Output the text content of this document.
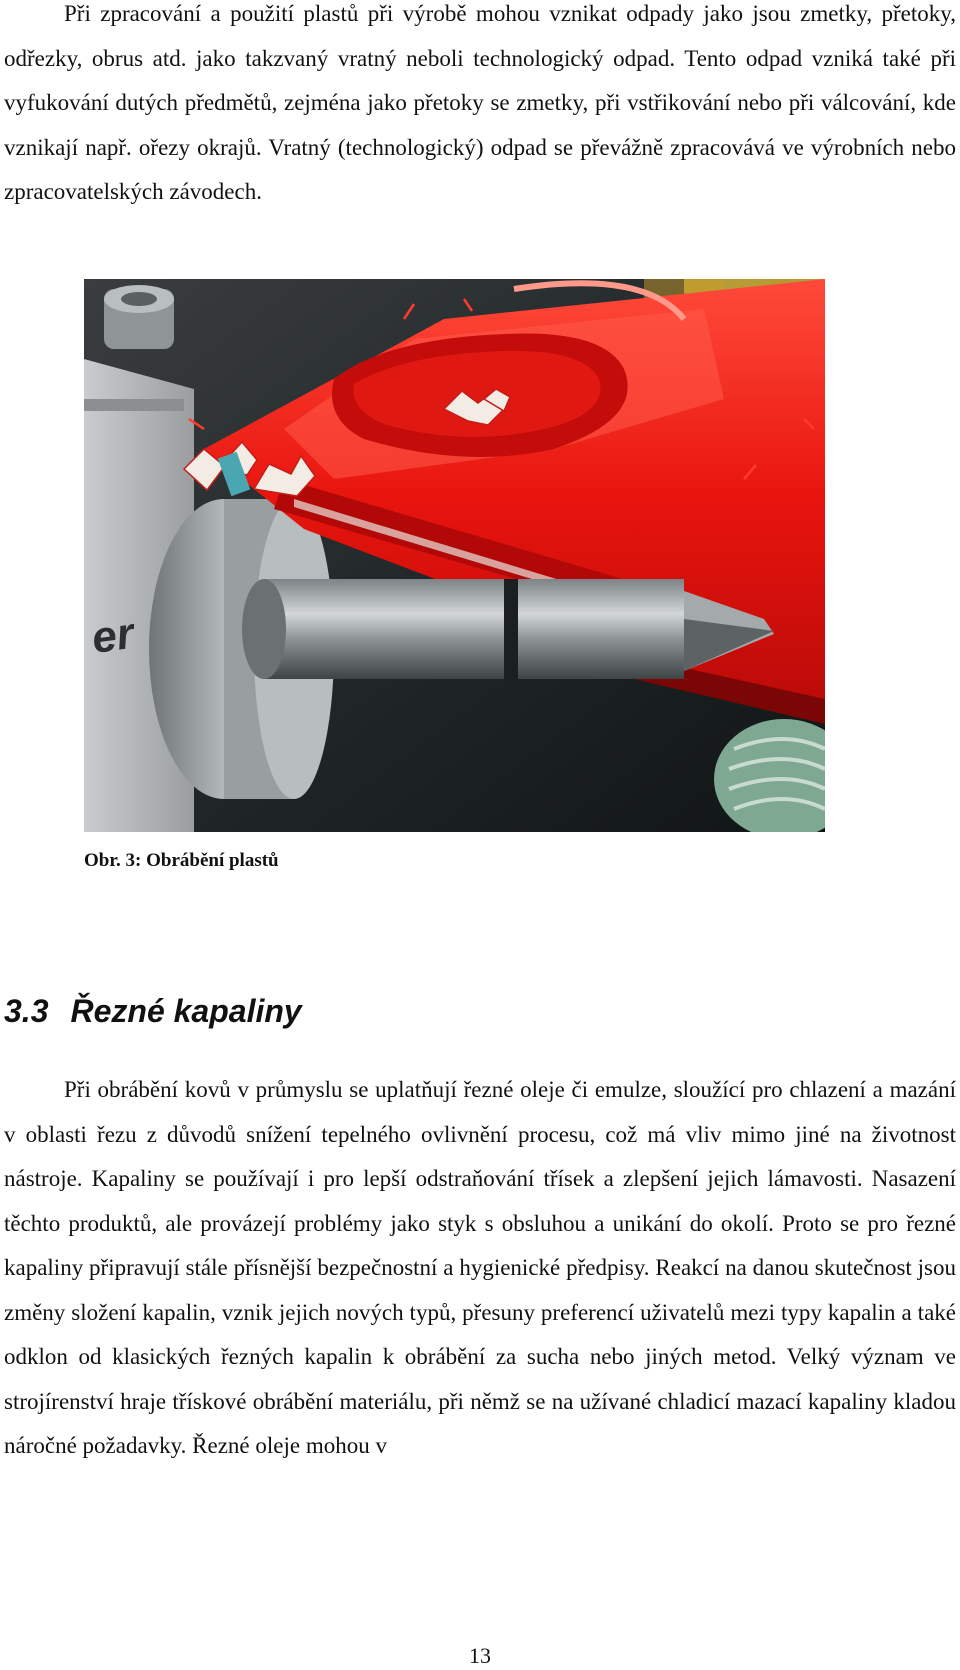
Při zpracování a použití plastů při výrobě mohou vznikat odpady jako jsou zmetky, přetoky, odřezky, obrus atd. jako takzvaný vratný neboli technologický odpad. Tento odpad vzniká také při vyfukování dutých předmětů, zejména jako přetoky se zmetky, při vstřikování nebo při válcování, kde vznikají např. ořezy okrajů. Vratný (technologický) odpad se převážně zpracovává ve výrobních nebo zpracovatelských závodech.

er
Obr. 3: Obrábění plastů
3.3 Řezné kapaliny

Při obrábění kovů v průmyslu se uplatňují řezné oleje či emulze, sloužící pro chlazení a mazání v oblasti řezu z důvodů snížení tepelného ovlivnění procesu, což má vliv mimo jiné na životnost nástroje. Kapaliny se používají i pro lepší odstraňování třísek a zlepšení jejich lámavosti. Nasazení těchto produktů, ale provázejí problémy jako styk s obsluhou a unikání do okolí. Proto se pro řezné kapaliny připravují stále přísnější bezpečnostní a hygienické předpisy. Reakcí na danou skutečnost jsou změny složení kapalin, vznik jejich nových typů, přesuny preferencí uživatelů mezi typy kapalin a také odklon od klasických řezných kapalin k obrábění za sucha nebo jiných metod. Velký význam ve strojírenství hraje třískové obrábění materiálu, při němž se na užívané chladicí mazací kapaliny kladou náročné požadavky. Řezné oleje mohou v

13
